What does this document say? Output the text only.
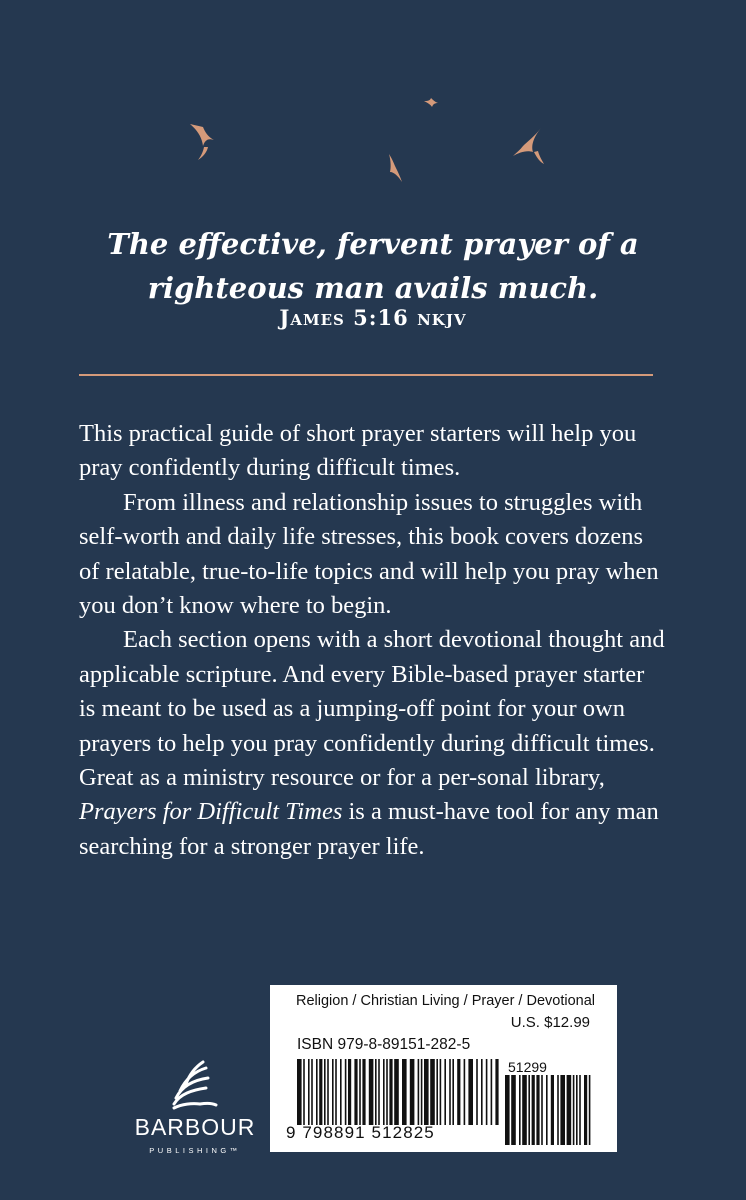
The effective, fervent prayer of a
righteous man avails much.
James 5:16 nkjv

This practical guide of short prayer starters will help you pray confidently during difficult times.

From illness and relationship issues to struggles with self-worth and daily life stresses, this book covers dozens of relatable, true-to-life topics and will help you pray when you don’t know where to begin.

Each section opens with a short devotional thought and applicable scripture. And every Bible-based prayer starter is meant to be used as a jumping-off point for your own prayers to help you pray confidently during difficult times. Great as a ministry resource or for a per-sonal library, Prayers for Difficult Times is a must-have tool for any man searching for a stronger prayer life.

BARBOUR
PUBLISHING™
Religion / Christian Living / Prayer / Devotional
U.S. $12.99
ISBN 979-8-89151-282-5
51299
9 798891 512825
